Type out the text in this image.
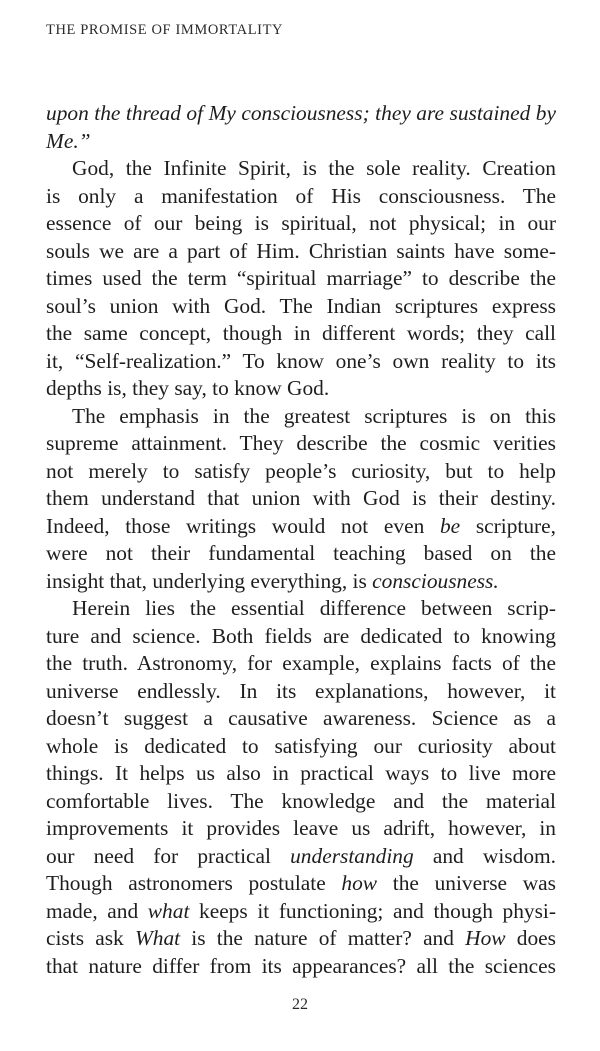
THE PROMISE OF IMMORTALITY

upon the thread of My consciousness; they are sustained by
Me.”

God, the Infinite Spirit, is the sole reality. Creation
is only a manifestation of His consciousness. The
essence of our being is spiritual, not physical; in our
souls we are a part of Him. Christian saints have some-
times used the term “spiritual marriage” to describe the
soul’s union with God. The Indian scriptures express
the same concept, though in different words; they call
it, “Self-realization.” To know one’s own reality to its
depths is, they say, to know God.

The emphasis in the greatest scriptures is on this
supreme attainment. They describe the cosmic verities
not merely to satisfy people’s curiosity, but to help
them understand that union with God is their destiny.
Indeed, those writings would not even be scripture,
were not their fundamental teaching based on the
insight that, underlying everything, is consciousness.

Herein lies the essential difference between scrip-
ture and science. Both fields are dedicated to knowing
the truth. Astronomy, for example, explains facts of the
universe endlessly. In its explanations, however, it
doesn’t suggest a causative awareness. Science as a
whole is dedicated to satisfying our curiosity about
things. It helps us also in practical ways to live more
comfortable lives. The knowledge and the material
improvements it provides leave us adrift, however, in
our need for practical understanding and wisdom.
Though astronomers postulate how the universe was
made, and what keeps it functioning; and though physi-
cists ask What is the nature of matter? and How does
that nature differ from its appearances? all the sciences

22
